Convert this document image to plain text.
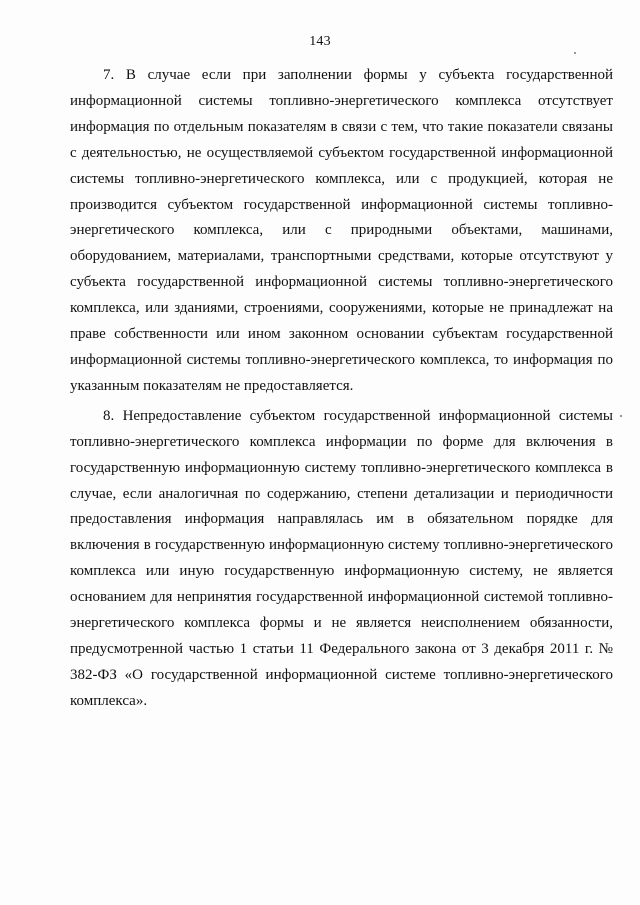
143

7. В случае если при заполнении формы у субъекта государственной информационной системы топливно-энергетического комплекса отсутствует информация по отдельным показателям в связи с тем, что такие показатели связаны с деятельностью, не осуществляемой субъектом государственной информационной системы топливно-энергетического комплекса, или с продукцией, которая не производится субъектом государственной информационной системы топливно-энергетического комплекса, или с природными объектами, машинами, оборудованием, материалами, транспортными средствами, которые отсутствуют у субъекта государственной информационной системы топливно-энергетического комплекса, или зданиями, строениями, сооружениями, которые не принадлежат на праве собственности или ином законном основании субъектам государственной информационной системы топливно-энергетического комплекса, то информация по указанным показателям не предоставляется.

8. Непредоставление субъектом государственной информационной системы топливно-энергетического комплекса информации по форме для включения в государственную информационную систему топливно-энергетического комплекса в случае, если аналогичная по содержанию, степени детализации и периодичности предоставления информация направлялась им в обязательном порядке для включения в государственную информационную систему топливно-энергетического комплекса или иную государственную информационную систему, не является основанием для непринятия государственной информационной системой топливно-энергетического комплекса формы и не является неисполнением обязанности, предусмотренной частью 1 статьи 11 Федерального закона от 3 декабря 2011 г. № 382-ФЗ «О государственной информационной системе топливно-энергетического комплекса».
